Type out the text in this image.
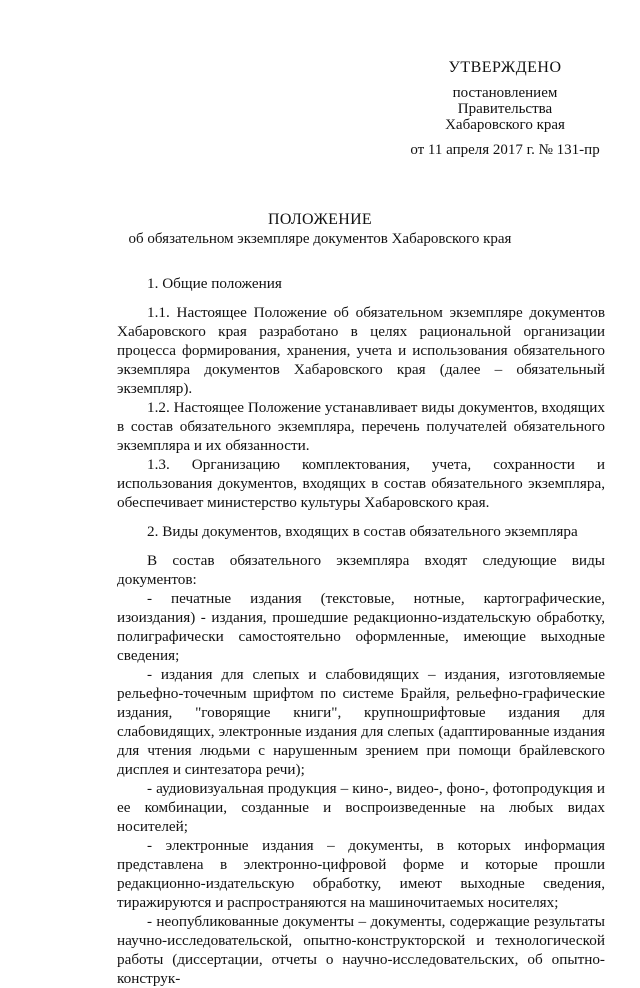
УТВЕРЖДЕНО
постановлением
Правительства
Хабаровского края
от 11 апреля 2017 г. № 131-пр
ПОЛОЖЕНИЕ
об обязательном экземпляре документов Хабаровского края

1. Общие положения

1.1. Настоящее Положение об обязательном экземпляре документов Хабаровского края разработано в целях рациональной организации процесса формирования, хранения, учета и использования обязательного экземпляра документов Хабаровского края (далее – обязательный экземпляр).

1.2. Настоящее Положение устанавливает виды документов, входящих в состав обязательного экземпляра, перечень получателей обязательного экземпляра и их обязанности.

1.3. Организацию комплектования, учета, сохранности и использования документов, входящих в состав обязательного экземпляра, обеспечивает министерство культуры Хабаровского края.

2. Виды документов, входящих в состав обязательного экземпляра

В состав обязательного экземпляра входят следующие виды документов:

- печатные издания (текстовые, нотные, картографические, изоиздания) - издания, прошедшие редакционно-издательскую обработку, полиграфически самостоятельно оформленные, имеющие выходные сведения;

- издания для слепых и слабовидящих – издания, изготовляемые рельефно-точечным шрифтом по системе Брайля, рельефно-графические издания, "говорящие книги", крупношрифтовые издания для слабовидящих, электронные издания для слепых (адаптированные издания для чтения людьми с нарушенным зрением при помощи брайлевского дисплея и синтезатора речи);

- аудиовизуальная продукция – кино-, видео-, фоно-, фотопродукция и ее комбинации, созданные и воспроизведенные на любых видах носителей;

- электронные издания – документы, в которых информация представлена в электронно-цифровой форме и которые прошли редакционно-издательскую обработку, имеют выходные сведения, тиражируются и распространяются на машиночитаемых носителях;

- неопубликованные документы – документы, содержащие результаты научно-исследовательской, опытно-конструкторской и технологической работы (диссертации, отчеты о научно-исследовательских, об опытно-конструк-
